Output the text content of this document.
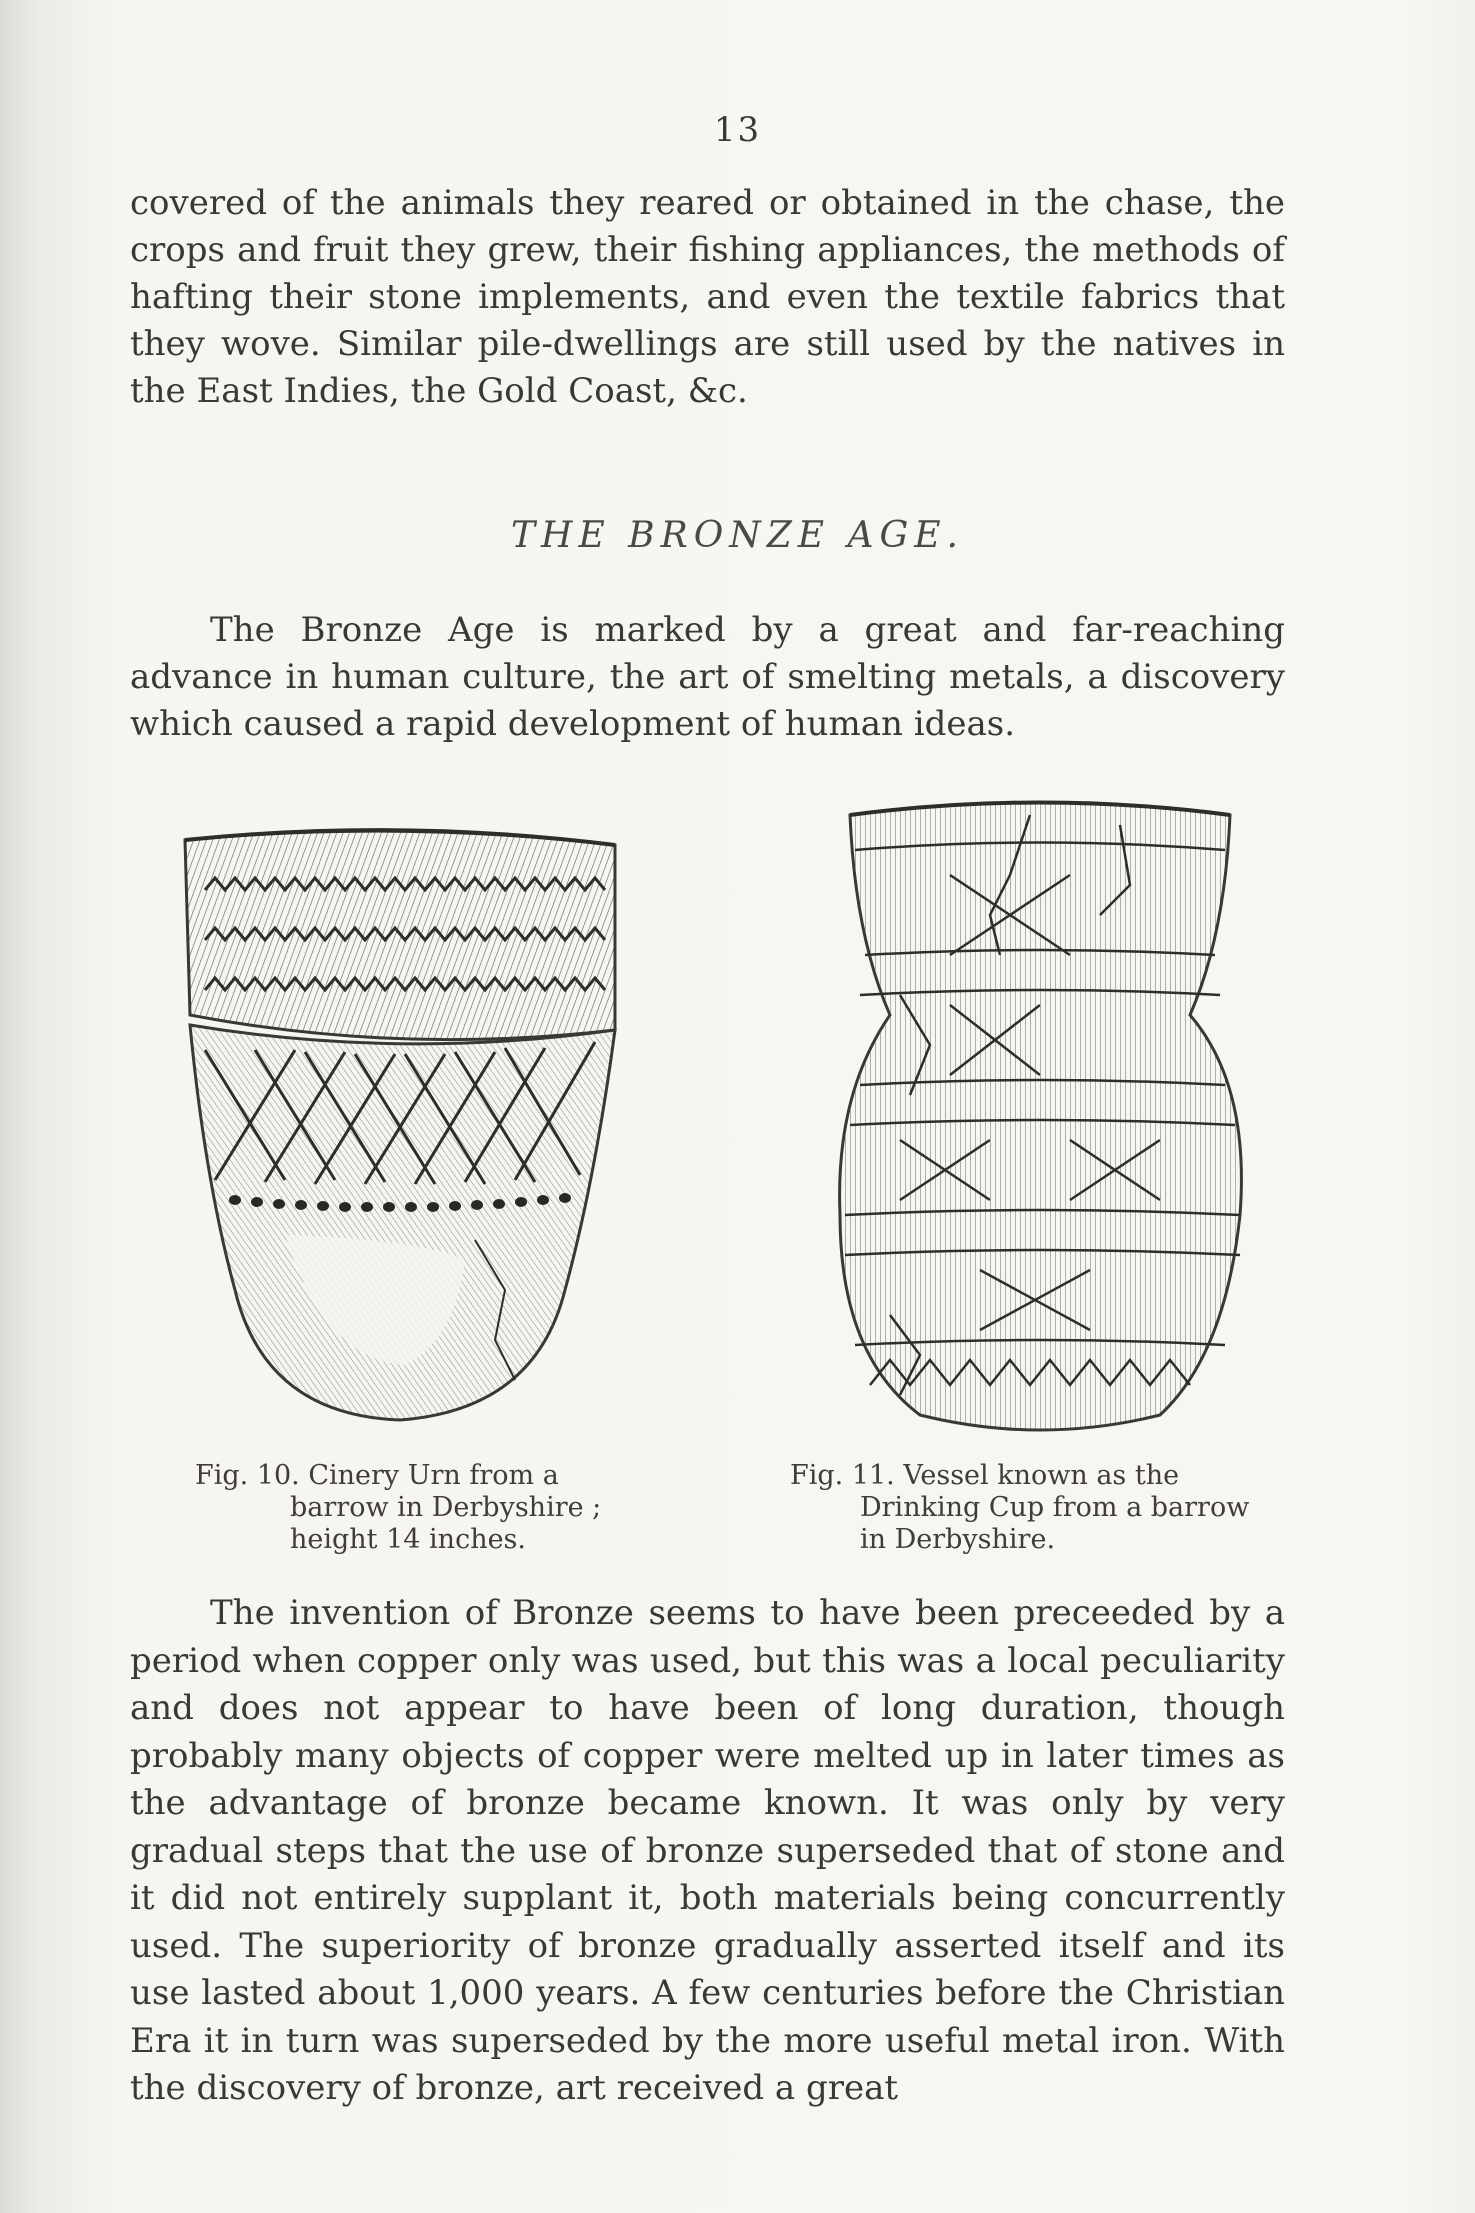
13

covered of the animals they reared or obtained in the chase, the crops and fruit they grew, their fishing appliances, the methods of hafting their stone implements, and even the textile fabrics that they wove. Similar pile-dwellings are still used by the natives in the East Indies, the Gold Coast, &c.

THE BRONZE AGE.

The Bronze Age is marked by a great and far-reaching advance in human culture, the art of smelting metals, a discovery which caused a rapid development of human ideas.

Fig. 10. Cinery Urn from a
barrow in Derbyshire ;
height 14 inches.
Fig. 11. Vessel known as the
Drinking Cup from a barrow
in Derbyshire.

The invention of Bronze seems to have been preceeded by a period when copper only was used, but this was a local peculiarity and does not appear to have been of long duration, though probably many objects of copper were melted up in later times as the advantage of bronze became known. It was only by very gradual steps that the use of bronze superseded that of stone and it did not entirely supplant it, both materials being concurrently used. The superiority of bronze gradually asserted itself and its use lasted about 1,000 years. A few centuries before the Christian Era it in turn was superseded by the more useful metal iron. With the discovery of bronze, art received a great
